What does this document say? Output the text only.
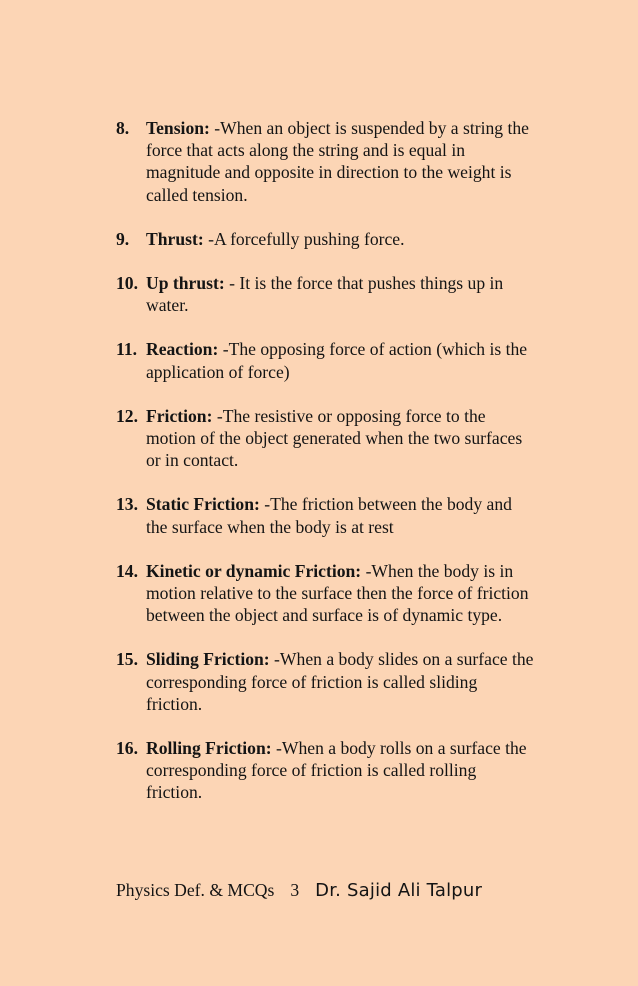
8. Tension: -When an object is suspended by a string the force that acts along the string and is equal in magnitude and opposite in direction to the weight is called tension.
9. Thrust: -A forcefully pushing force.
10. Up thrust: - It is the force that pushes things up in water.
11. Reaction: -The opposing force of action (which is the application of force)
12. Friction: -The resistive or opposing force to the motion of the object generated when the two surfaces or in contact.
13. Static Friction: -The friction between the body and the surface when the body is at rest
14. Kinetic or dynamic Friction: -When the body is in motion relative to the surface then the force of friction between the object and surface is of dynamic type.
15. Sliding Friction: -When a body slides on a surface the corresponding force of friction is called sliding friction.
16. Rolling Friction: -When a body rolls on a surface the corresponding force of friction is called rolling friction.
Physics Def. & MCQs 3 Dr. Sajid Ali Talpur
